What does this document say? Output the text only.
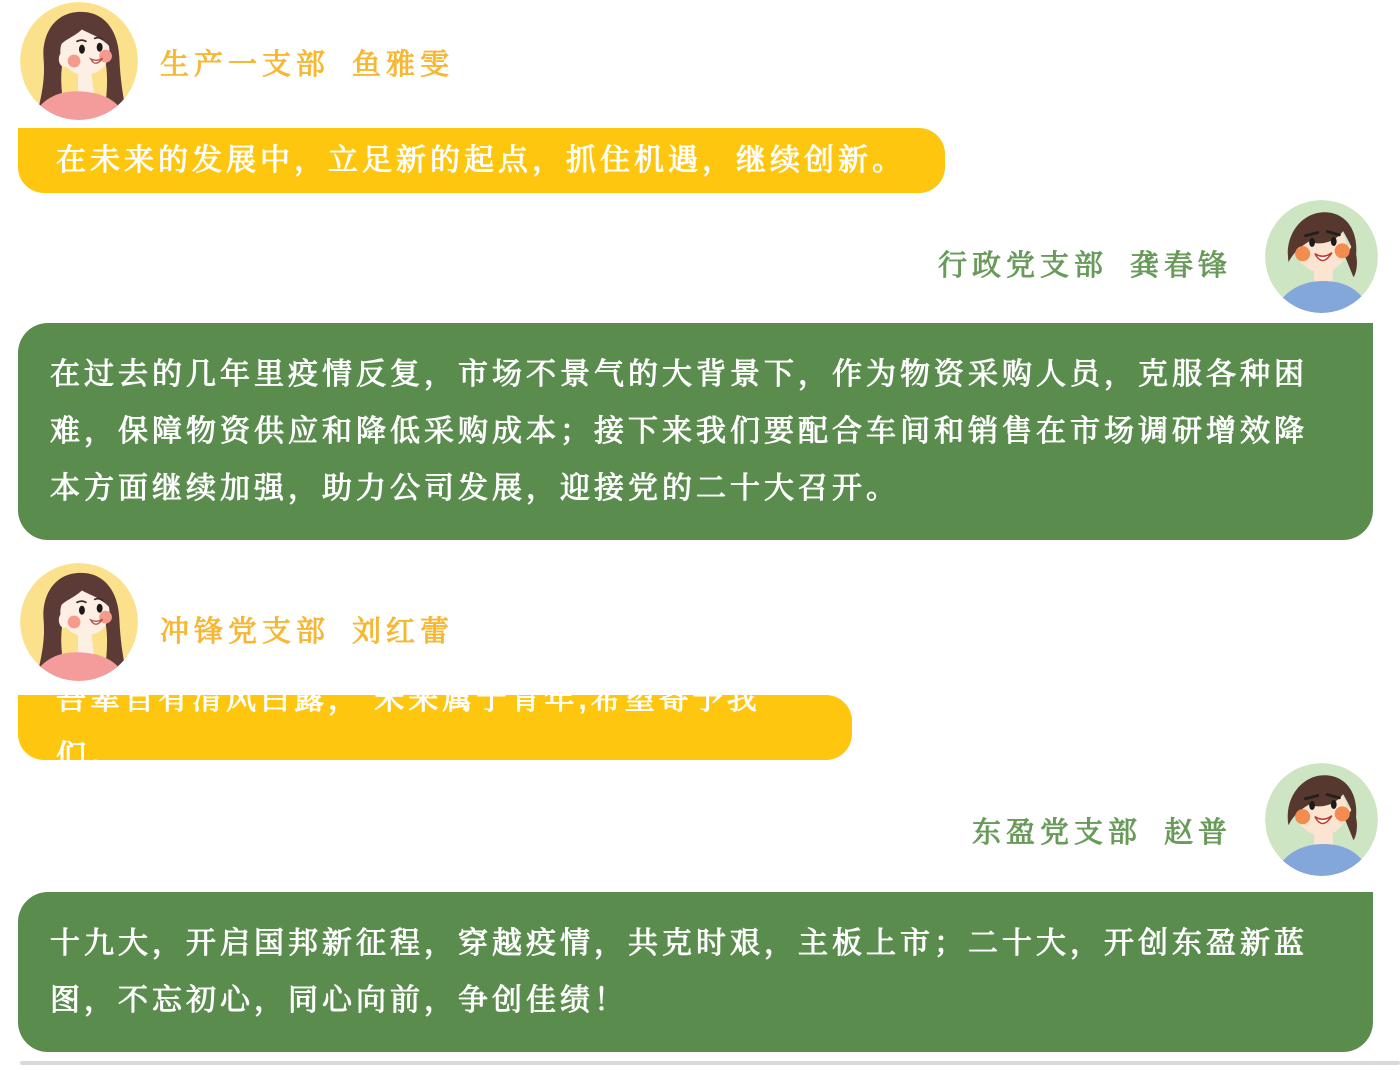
生产一支部 鱼雅雯
在未来的发展中，立足新的起点，抓住机遇，继续创新。
行政党支部 龚春锋
在过去的几年里疫情反复，市场不景气的大背景下，作为物资采购人员，克服各种困难，保障物资供应和降低采购成本；接下来我们要配合车间和销售在市场调研增效降本方面继续加强，助力公司发展，迎接党的二十大召开。
冲锋党支部 刘红蕾
吾辈自有清风白露， 未来属于青年,希望寄予我们。
东盈党支部 赵普
十九大，开启国邦新征程，穿越疫情，共克时艰，主板上市；二十大，开创东盈新蓝图，不忘初心，同心向前，争创佳绩！
